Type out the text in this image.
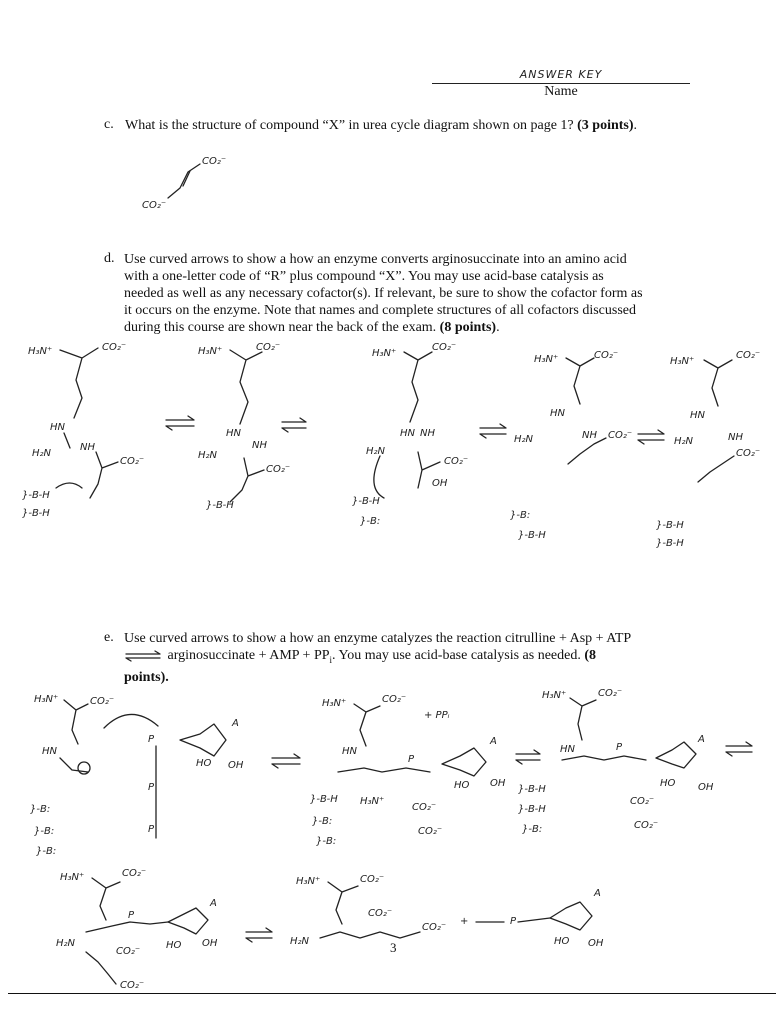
ANSWER KEY
Name
c. What is the structure of compound “X” in urea cycle diagram shown on page 1? (3 points).
CO₂⁻
CO₂⁻
d. Use curved arrows to show a how an enzyme converts arginosuccinate into an amino acid
with a one-letter code of “R” plus compound “X”. You may use acid-base catalysis as
needed as well as any necessary cofactor(s). If relevant, be sure to show the cofactor form as
it occurs on the enzyme. Note that names and complete structures of all cofactors discussed
during this course are shown near the back of the exam. (8 points).
H₃N⁺	CO₂⁻
HN
H₂N
NH
CO₂⁻
}-B-H
}-B-H
H₃N⁺	CO₂⁻
HN
H₂N
NH
CO₂⁻
}-B-H
H₃N⁺
CO₂⁻
HN
H₂N
NH
CO₂⁻
OH
}-B-H
}-B:
H₃N⁺	CO₂⁻
HN
H₂N	NH CO₂⁻
}-B:
}-B-H
H₃N⁺
CO₂⁻
HN
H₂N	NH
CO₂⁻
}-B-H
}-B-H
e. Use curved arrows to show a how an enzyme catalyzes the reaction citrulline + Asp + ATP
⇌ arginosuccinate + AMP + $PP_i$. You may use acid-base catalysis as needed. (8
points).
H₃N⁺	CO₂⁻
HN
P
P
P
A
HO OH
}-B:
}-B:
}-B:
H₃N⁺	CO₂⁻
+ PPᵢ
HN
P
A
HO OH
}-B-H
}-B:
}-B:
H₃N⁺
CO₂⁻
CO₂⁻
H₃N⁺	CO₂⁻
HN	P
A
HO OH
}-B-H
}-B-H
}-B:
CO₂⁻
CO₂⁻
H₃N⁺	CO₂⁻
H₂N
P
A
HO OH
CO₂⁻
CO₂⁻
H₃N⁺	CO₂⁻
H₂N
CO₂⁻
CO₂⁻
+	P
A
HO OH
3
